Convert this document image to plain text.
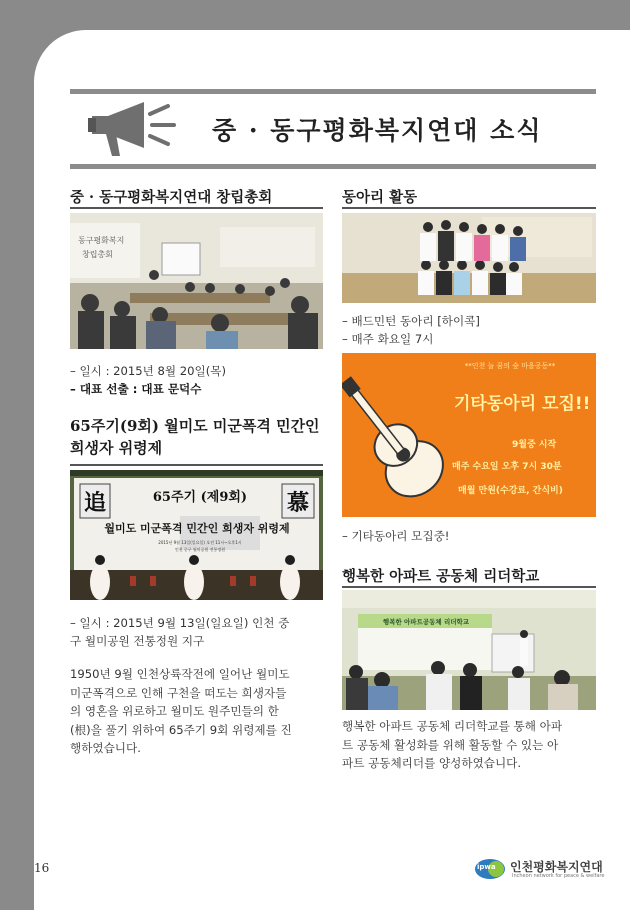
중 · 동구평화복지연대 소식
중 · 동구평화복지연대 창립총회
동구평화복지
창립총회
– 일시 : 2015년 8월 20일(목)
– 대표 선출 : 대표 문덕수
65주기(9회) 월미도 미군폭격 민간인
희생자 위령제
追	慕
65주기 (제9회)
월미도 미군폭격 민간인 희생자 위령제
2015년 9월 13일(일요일) 오전 11시~오후1시
인천 중구 월미공원 전통정원
– 일시 : 2015년 9월 13일(일요일) 인천 중
구 월미공원 전통정원 지구
1950년 9월 인천상륙작전에 일어난 월미도
미군폭격으로 인해 구천을 떠도는 희생자들
의 영혼을 위로하고 월미도 원주민들의 한
(根)을 풀기 위하여 65주기 9회 위령제를 진
행하였습니다.
동아리 활동
– 배드민턴 동아리 [하이콕]
– 매주 화요일 7시
**인천 늘 꿈의 숲 마을공동**
기타동아리 모집!!
9월중 시작
매주 수요일 오후 7시 30분
매월 만원(수강료, 간식비)
– 기타동아리 모집중!
행복한 아파트 공동체 리더학교
행복한 아파트공동체 리더학교
행복한 아파트 공동체 리더학교를 통해 아파
트 공동체 활성화를 위해 활동할 수 있는 아
파트 공동체리더를 양성하였습니다.
16	ipwa 인천평화복지연대
Incheon network for peace & welfare
